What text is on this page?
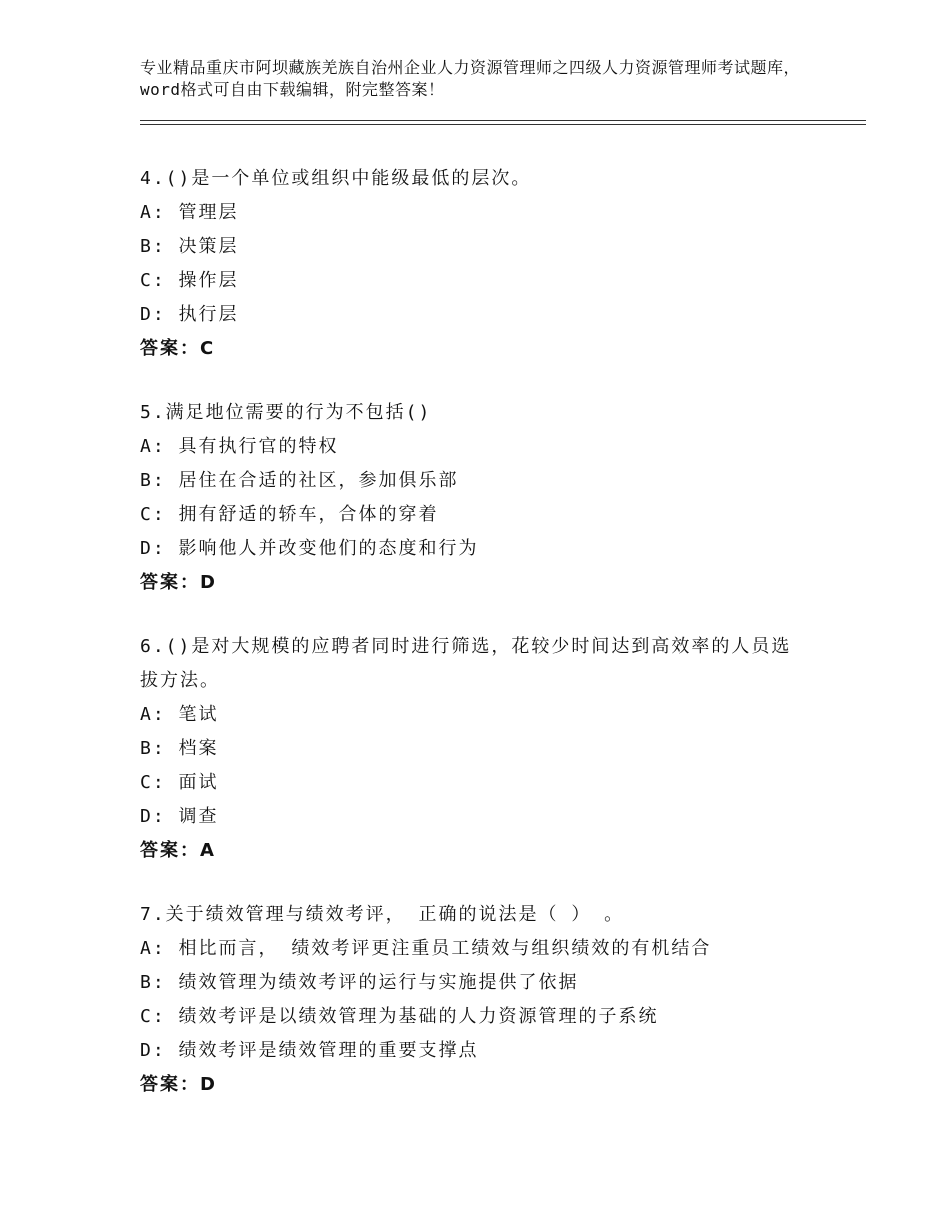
专业精品重庆市阿坝藏族羌族自治州企业人力资源管理师之四级人力资源管理师考试题库，word格式可自由下载编辑，附完整答案！
4.()是一个单位或组织中能级最低的层次。
A: 管理层
B: 决策层
C: 操作层
D: 执行层
答案：C
5.满足地位需要的行为不包括()
A: 具有执行官的特权
B: 居住在合适的社区，参加俱乐部
C: 拥有舒适的轿车，合体的穿着
D: 影响他人并改变他们的态度和行为
答案：D
6.()是对大规模的应聘者同时进行筛选，花较少时间达到高效率的人员选拔方法。
A: 笔试
B: 档案
C: 面试
D: 调查
答案：A
7.关于绩效管理与绩效考评， 正确的说法是（ ） 。
A: 相比而言， 绩效考评更注重员工绩效与组织绩效的有机结合
B: 绩效管理为绩效考评的运行与实施提供了依据
C: 绩效考评是以绩效管理为基础的人力资源管理的子系统
D: 绩效考评是绩效管理的重要支撑点
答案：D
